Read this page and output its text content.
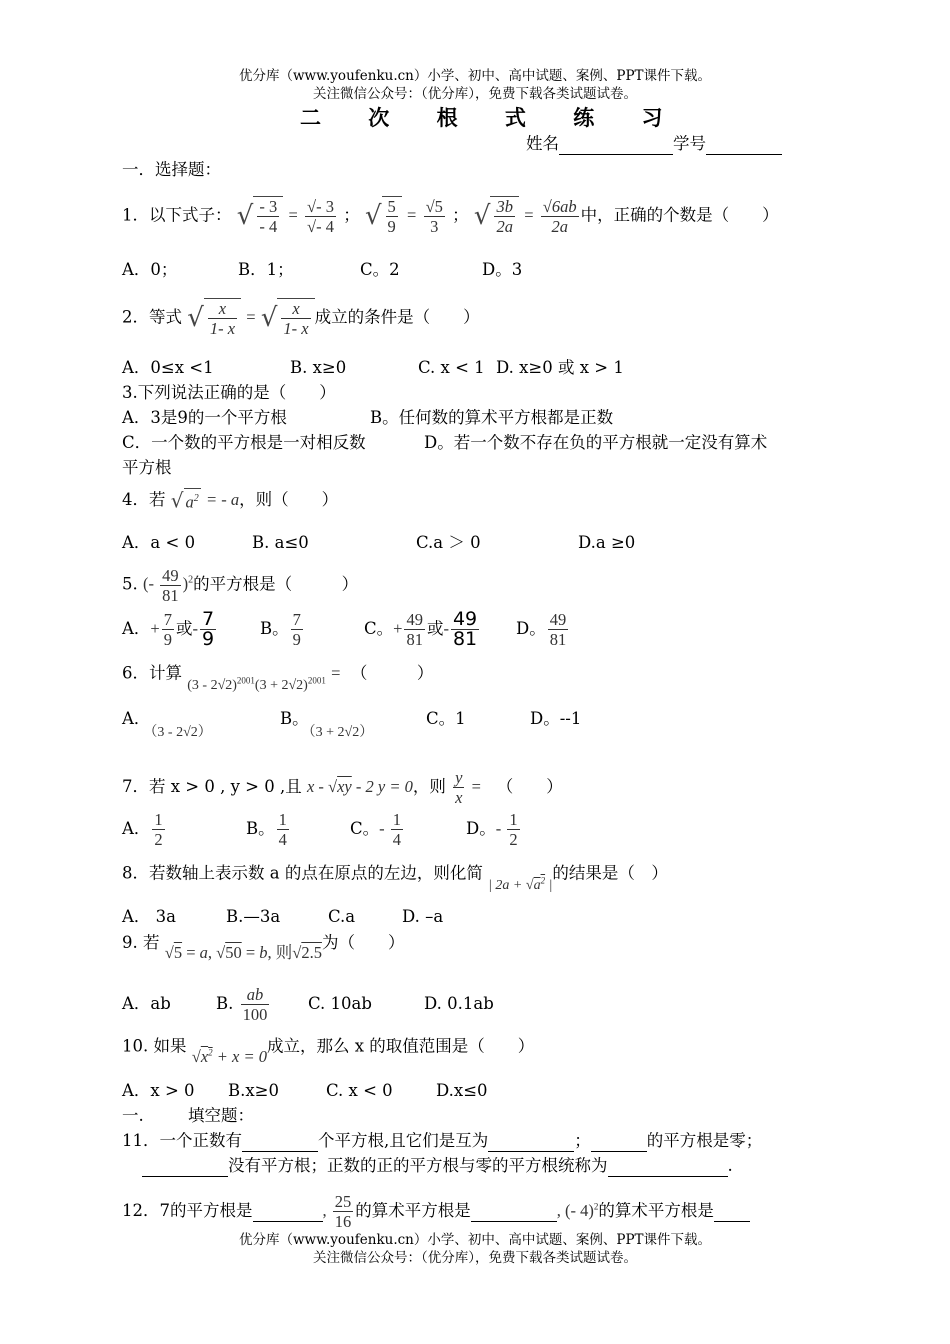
优分库（www.youfenku.cn）小学、初中、高中试题、案例、PPT课件下载。
关注微信公众号：（优分库），免费下载各类试题试卷。
二 次 根 式 练 习
姓名	学号
一．选择题：
1．以下式子： √ $\frac{- 3}{- 4} = \frac{√- 3}{√- 4}$ ； √ $\frac{5}{9} = \frac{√5}{3}$ ； √ $\frac{3b}{2a} = \frac{√6ab}{2a}$ 中，正确的个数是（　　）
A．0；	B．1；	C。2	D。3
2．等式 √ $\frac{x}{1- x}$ = √ $\frac{x}{1- x}$ 成立的条件是（　　）
A．0≤x <1	B. x≥0	C. x < 1 D. x≥0 或 x > 1
3.下列说法正确的是（　　）
A．3是9的一个平方根	B。任何数的算术平方根都是正数
C．一个数的平方根是一对相反数	D。若一个数不存在负的平方根就一定没有算术
平方根
4．若 √ $a^2$ = - a，则（　　）
A．a < 0	B. a≤0	C.a ＞ 0	D.a ≥0
5. (- $\frac{49}{81} )^2$的平方根是（　　　）
A．+ $\frac{7}{9}$ 或- $\frac{7}{9}$	B。 $\frac{7}{9}$	C。+ $\frac{49}{81}$ 或- $\frac{49}{81}$ D。 $\frac{49}{81}$
6．计算 $_{(3 - 2√2)^{2001}(3 + 2√2)^{2001}}$ = （　　　）
A．$_{(3 - 2√2)}$B。$_{(3 + 2√2)}$C。1	D。--1
7．若 x > 0 , y > 0 ,且 x - √xy - 2 y = 0，则 $\frac{y}{x}$ = （　　）
A． $\frac{1}{2}$	B。 $\frac{1}{4}$	C。- $\frac{1}{4}$	D。- $\frac{1}{2}$
8．若数轴上表示数 a 的点在原点的左边，则化简 $_{| 2a + √a^2 |}$的结果是（　）
A． 3a	B.—3a	C.a	D. –a
9. 若 √5 = a, √50 = b, 则√2.5为（　　）
A．ab	B. $\frac{ab}{100} C$. 10ab	D. 0.1ab
10. 如果 $√x^2 + x = 0$成立，那么 x 的取值范围是（　　）
A．x > 0 B.x≥0	C. x < 0	D.x≤0
一.	填空题：
11．一个正数有	个平方根,且它们是互为	；	的平方根是零；
没有平方根；正数的正的平方根与零的平方根统称为	.
12．7的平方根是	, $\frac{25}{16}$ 的算术平方根是	, (- 4)$^2$的算术平方根是
优分库（www.youfenku.cn）小学、初中、高中试题、案例、PPT课件下载。
关注微信公众号：（优分库），免费下载各类试题试卷。
